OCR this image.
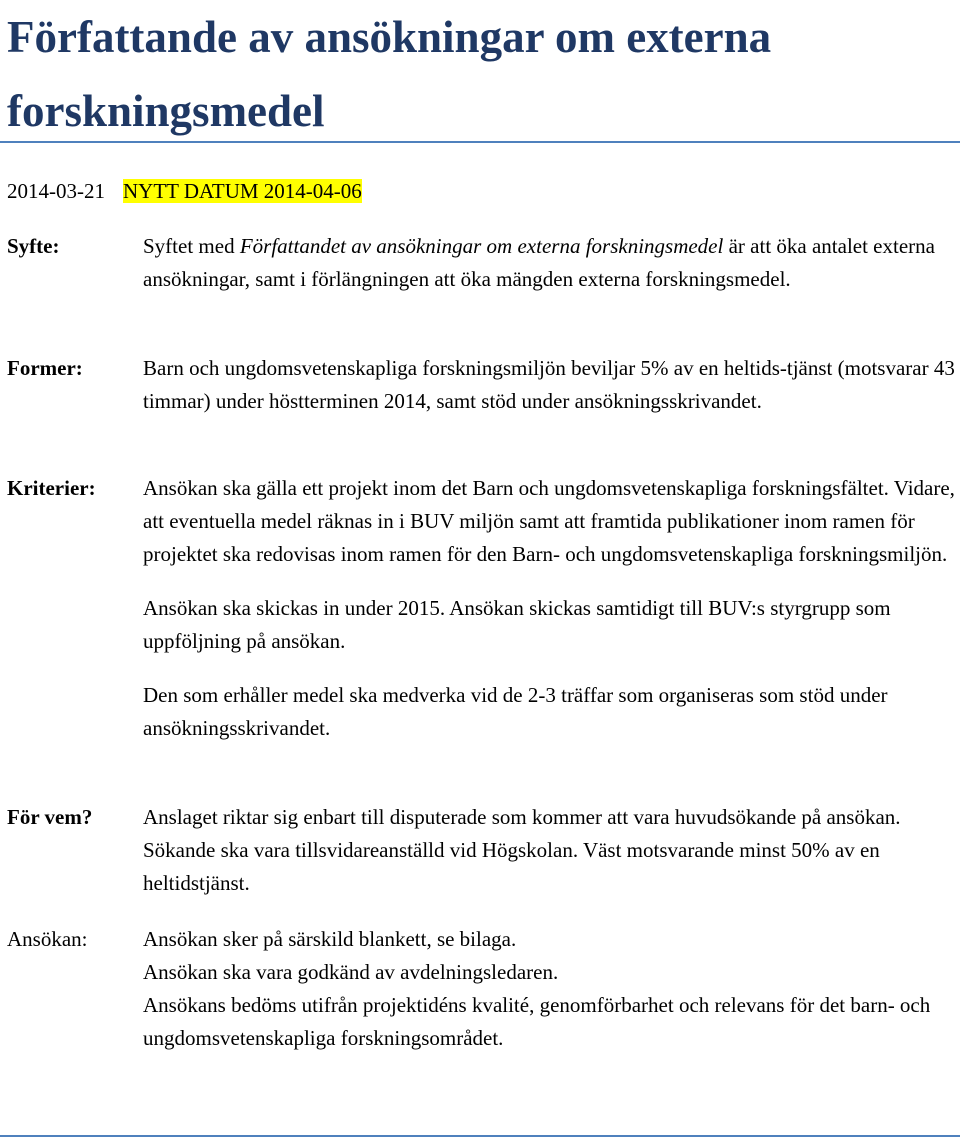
Författande av ansökningar om externa forskningsmedel
2014-03-21 NYTT DATUM 2014-04-06
Syfte:	Syftet med Författandet av ansökningar om externa forskningsmedel är att öka antalet externa ansökningar, samt i förlängningen att öka mängden externa forskningsmedel.
Former:	Barn och ungdomsvetenskapliga forskningsmiljön beviljar 5% av en heltids-tjänst (motsvarar 43 timmar) under höstterminen 2014, samt stöd under ansökningsskrivandet.
Kriterier:	Ansökan ska gälla ett projekt inom det Barn och ungdomsvetenskapliga forskningsfältet. Vidare, att eventuella medel räknas in i BUV miljön samt att framtida publikationer inom ramen för projektet ska redovisas inom ramen för den Barn- och ungdomsvetenskapliga forskningsmiljön.

Ansökan ska skickas in under 2015. Ansökan skickas samtidigt till BUV:s styrgrupp som uppföljning på ansökan.

Den som erhåller medel ska medverka vid de 2-3 träffar som organiseras som stöd under ansökningsskrivandet.

För vem?	Anslaget riktar sig enbart till disputerade som kommer att vara huvudsökande på ansökan. Sökande ska vara tillsvidareanställd vid Högskolan. Väst motsvarande minst 50% av en heltidstjänst.
Ansökan:	Ansökan sker på särskild blankett, se bilaga.
Ansökan ska vara godkänd av avdelningsledaren.
Ansökans bedöms utifrån projektidéns kvalité, genomförbarhet och relevans för det barn- och ungdomsvetenskapliga forskningsområdet.
